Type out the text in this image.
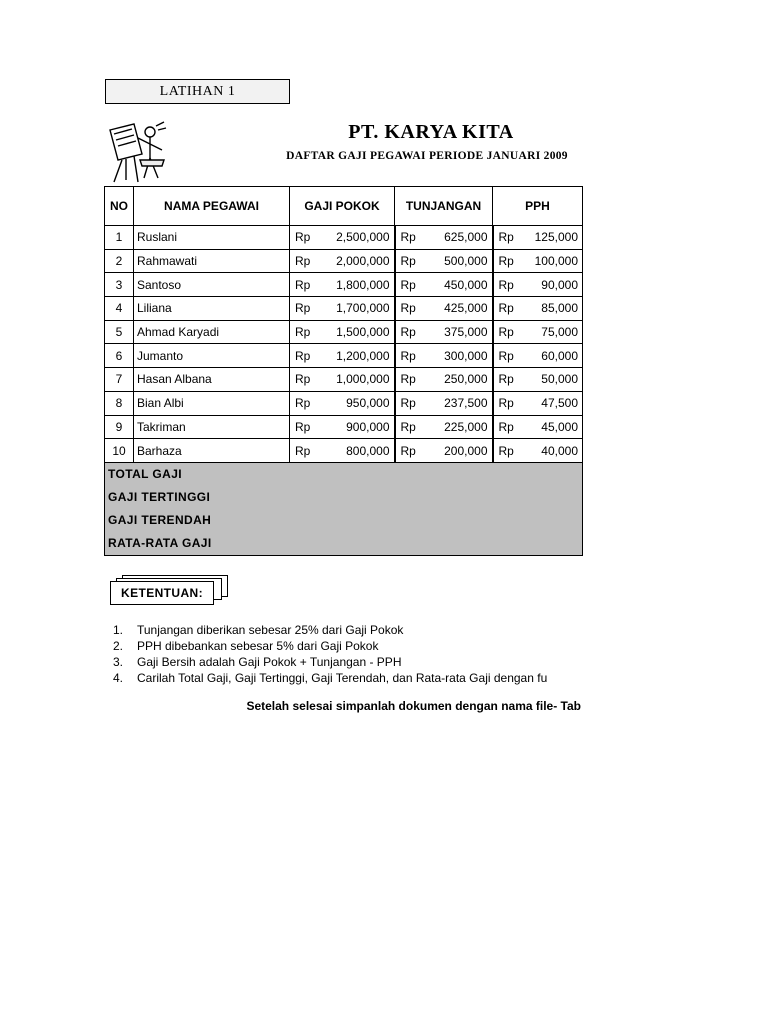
LATIHAN 1
PT. KARYA KITA
DAFTAR GAJI PEGAWAI PERIODE JANUARI 2009
NO	NAMA PEGAWAI	GAJI POKOK	TUNJANGAN	PPH
1	Ruslani	Rp 2,500,000	Rp 625,000	Rp 125,000

2	Rahmawati	Rp 2,000,000	Rp 500,000	Rp 100,000

3	Santoso	Rp 1,800,000	Rp 450,000	Rp 90,000

4	Liliana	Rp 1,700,000	Rp 425,000	Rp 85,000

5	Ahmad Karyadi	Rp 1,500,000	Rp 375,000	Rp 75,000

6	Jumanto	Rp 1,200,000	Rp 300,000	Rp 60,000

7	Hasan Albana	Rp 1,000,000	Rp 250,000	Rp 50,000

8	Bian Albi	Rp 950,000	Rp 237,500	Rp 47,500

9	Takriman	Rp 900,000	Rp 225,000	Rp 45,000

10	Barhaza	Rp 800,000	Rp 200,000	Rp 40,000

TOTAL GAJI				
GAJI TERTINGGI				
GAJI TERENDAH				
RATA-RATA GAJI				
KETENTUAN:
1.	Tunjangan diberikan sebesar 25% dari Gaji Pokok
2.	PPH dibebankan sebesar 5% dari Gaji Pokok
3.	Gaji Bersih adalah Gaji Pokok + Tunjangan - PPH
4.	Carilah Total Gaji, Gaji Tertinggi, Gaji Terendah, dan Rata-rata Gaji dengan fu
Setelah selesai simpanlah dokumen dengan nama file- Tab
